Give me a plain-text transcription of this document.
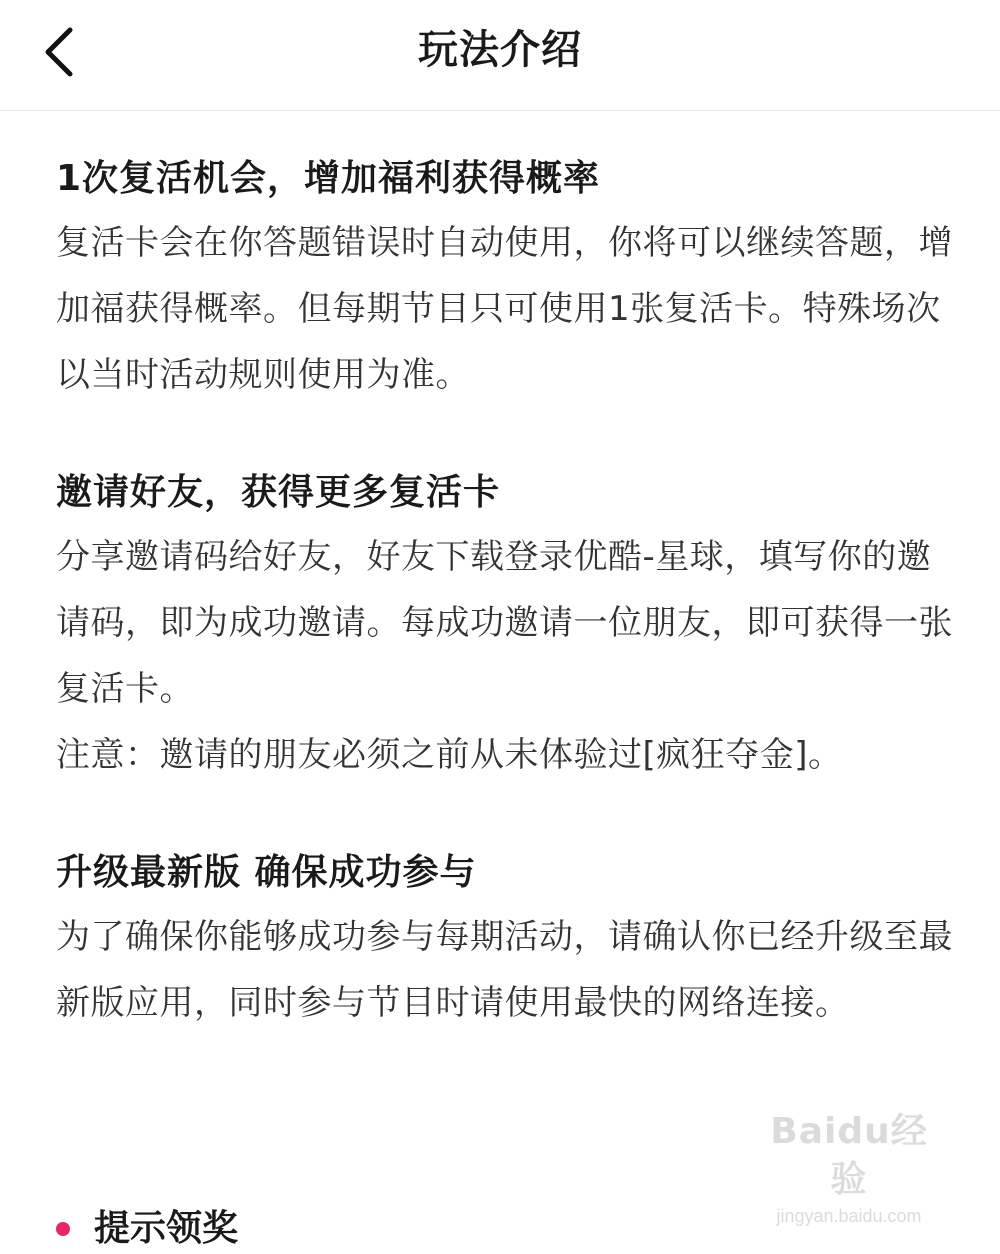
玩法介绍
1次复活机会，增加福利获得概率

复活卡会在你答题错误时自动使用，你将可以继续答题，增加福获得概率。但每期节目只可使用1张复活卡。特殊场次以当时活动规则使用为准。

邀请好友，获得更多复活卡

分享邀请码给好友，好友下载登录优酷-星球，填写你的邀请码，即为成功邀请。每成功邀请一位朋友，即可获得一张复活卡。

注意：邀请的朋友必须之前从未体验过[疯狂夺金]。

升级最新版 确保成功参与

为了确保你能够成功参与每期活动，请确认你已经升级至最新版应用，同时参与节目时请使用最快的网络连接。

提示领奖
Baidu经验
jingyan.baidu.com
